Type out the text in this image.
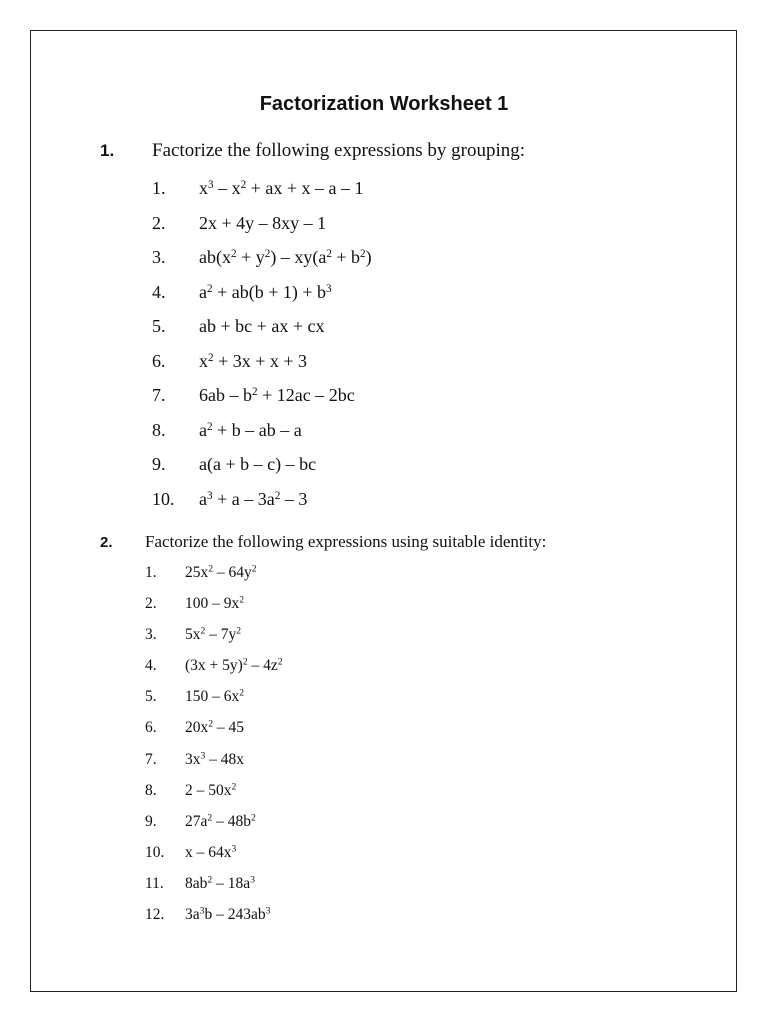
Factorization Worksheet 1
1.	Factorize the following expressions by grouping:
1.	$x^3 - x^2$ + ax + x – a – 1
2.	2x + 4y – 8xy – 1
3.	$ab(x^2 + y^2) - xy(a^2 + b^2)$
4.	$a^2 + ab(b + 1) + b^3$
5.	ab + bc + ax + cx
6.	$x^2 + 3x + x + 3$
7.	$6ab - b^2 + 12ac - 2bc$
8.	$a^2 + b$ – ab – a
9.	a(a + b – c) – bc
10.	$a^3 + a - 3a^2 - 3$
2.	Factorize the following expressions using suitable identity:
1.	$25x^2 - 64y^2$
2.	$100 - 9x^2$
3.	$5x^2 - 7y^2$
4.	$(3x + 5y)^2 - 4z^2$
5.	$150 - 6x^2$
6.	$20x^2 - 45$
7.	$3x^3 - 48x$
8.	$2 - 50x^2$
9.	$27a^2 - 48b^2$
10.	x – $64x^3$
11.	$8ab^2 - 18a^3$
12.	$3a^3b - 243ab^3$
